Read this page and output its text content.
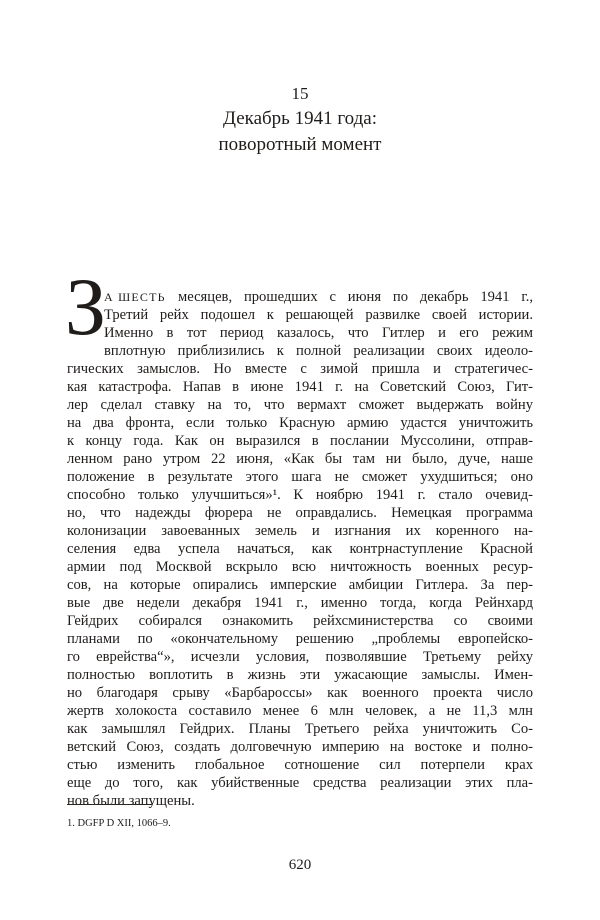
15
Декабрь 1941 года:
поворотный момент
З
А ШЕСТЬ месяцев, прошедших с июня по декабрь 1941 г.,
Третий рейх подошел к решающей развилке своей истории.
Именно в тот период казалось, что Гитлер и его режим
вплотную приблизились к полной реализации своих идеоло-
гических замыслов. Но вместе с зимой пришла и стратегичес-
кая катастрофа. Напав в июне 1941 г. на Советский Союз, Гит-
лер сделал ставку на то, что вермахт сможет выдержать войну
на два фронта, если только Красную армию удастся уничтожить
к концу года. Как он выразился в послании Муссолини, отправ-
ленном рано утром 22 июня, «Как бы там ни было, дуче, наше
положение в результате этого шага не сможет ухудшиться; оно
способно только улучшиться»¹. К ноябрю 1941 г. стало очевид-
но, что надежды фюрера не оправдались. Немецкая программа
колонизации завоеванных земель и изгнания их коренного на-
селения едва успела начаться, как контрнаступление Красной
армии под Москвой вскрыло всю ничтожность военных ресур-
сов, на которые опирались имперские амбиции Гитлера. За пер-
вые две недели декабря 1941 г., именно тогда, когда Рейнхард
Гейдрих собирался ознакомить рейхсминистерства со своими
планами по «окончательному решению „проблемы европейско-
го еврейства“», исчезли условия, позволявшие Третьему рейху
полностью воплотить в жизнь эти ужасающие замыслы. Имен-
но благодаря срыву «Барбароссы» как военного проекта число
жертв холокоста составило менее 6 млн человек, а не 11,3 млн
как замышлял Гейдрих. Планы Третьего рейха уничтожить Со-
ветский Союз, создать долговечную империю на востоке и полно-
стью изменить глобальное сотношение сил потерпели крах
еще до того, как убийственные средства реализации этих пла-
нов были запущены.
1. DGFP D XII, 1066–9.
620
